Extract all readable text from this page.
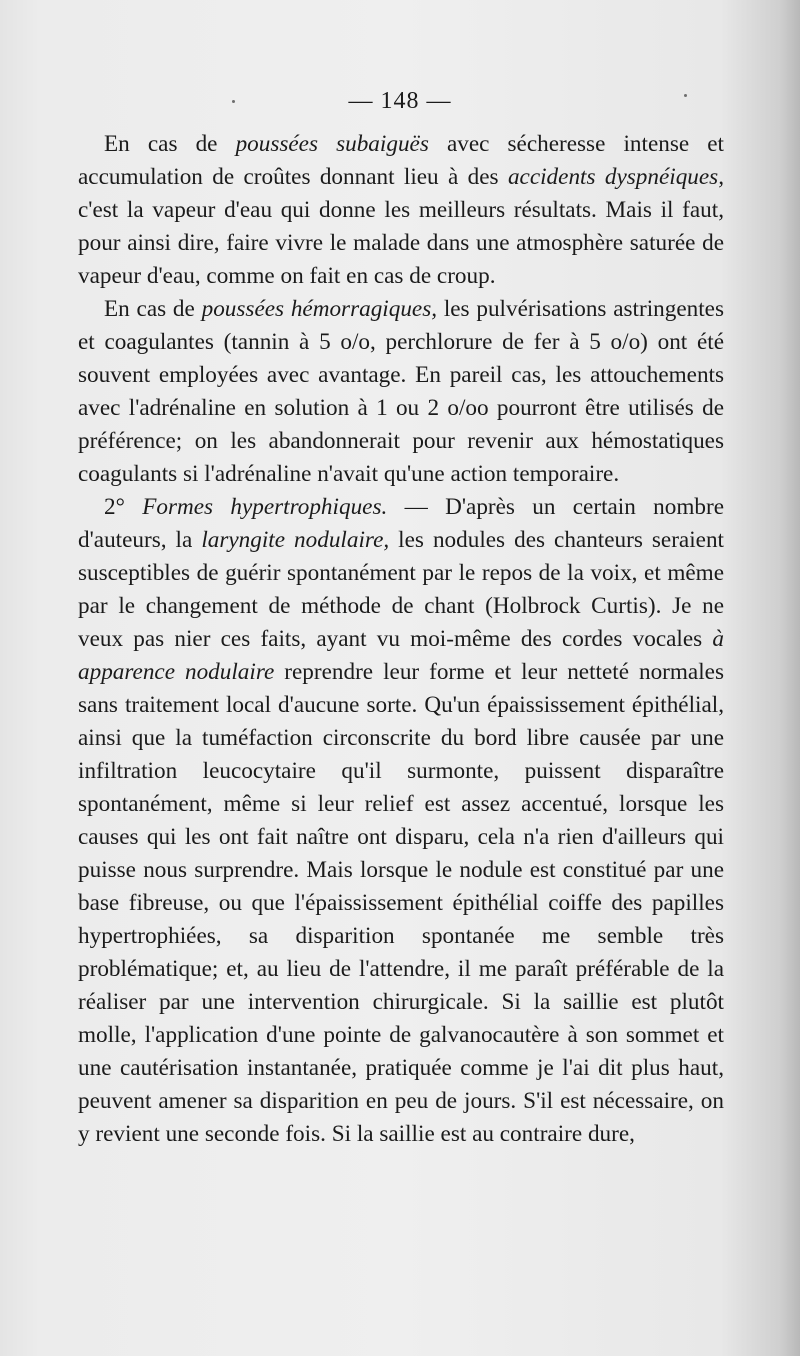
— 148 —

En cas de poussées subaiguës avec sécheresse intense et accumulation de croûtes donnant lieu à des accidents dyspnéiques, c'est la vapeur d'eau qui donne les meilleurs résultats. Mais il faut, pour ainsi dire, faire vivre le malade dans une atmosphère saturée de vapeur d'eau, comme on fait en cas de croup.

En cas de poussées hémorragiques, les pulvérisations astringentes et coagulantes (tannin à 5 o/o, perchlorure de fer à 5 o/o) ont été souvent employées avec avantage. En pareil cas, les attouchements avec l'adrénaline en solution à 1 ou 2 o/oo pourront être utilisés de préférence; on les abandonnerait pour revenir aux hémostatiques coagulants si l'adrénaline n'avait qu'une action temporaire.

2° Formes hypertrophiques. — D'après un certain nombre d'auteurs, la laryngite nodulaire, les nodules des chanteurs seraient susceptibles de guérir spontanément par le repos de la voix, et même par le changement de méthode de chant (Holbrock Curtis). Je ne veux pas nier ces faits, ayant vu moi-même des cordes vocales à apparence nodulaire reprendre leur forme et leur netteté normales sans traitement local d'aucune sorte. Qu'un épaississement épithélial, ainsi que la tuméfaction circonscrite du bord libre causée par une infiltration leucocytaire qu'il surmonte, puissent disparaître spontanément, même si leur relief est assez accentué, lorsque les causes qui les ont fait naître ont disparu, cela n'a rien d'ailleurs qui puisse nous surprendre. Mais lorsque le nodule est constitué par une base fibreuse, ou que l'épaississement épithélial coiffe des papilles hypertrophiées, sa disparition spontanée me semble très problématique; et, au lieu de l'attendre, il me paraît préférable de la réaliser par une intervention chirurgicale. Si la saillie est plutôt molle, l'application d'une pointe de galvanocautère à son sommet et une cautérisation instantanée, pratiquée comme je l'ai dit plus haut, peuvent amener sa disparition en peu de jours. S'il est nécessaire, on y revient une seconde fois. Si la saillie est au contraire dure,
